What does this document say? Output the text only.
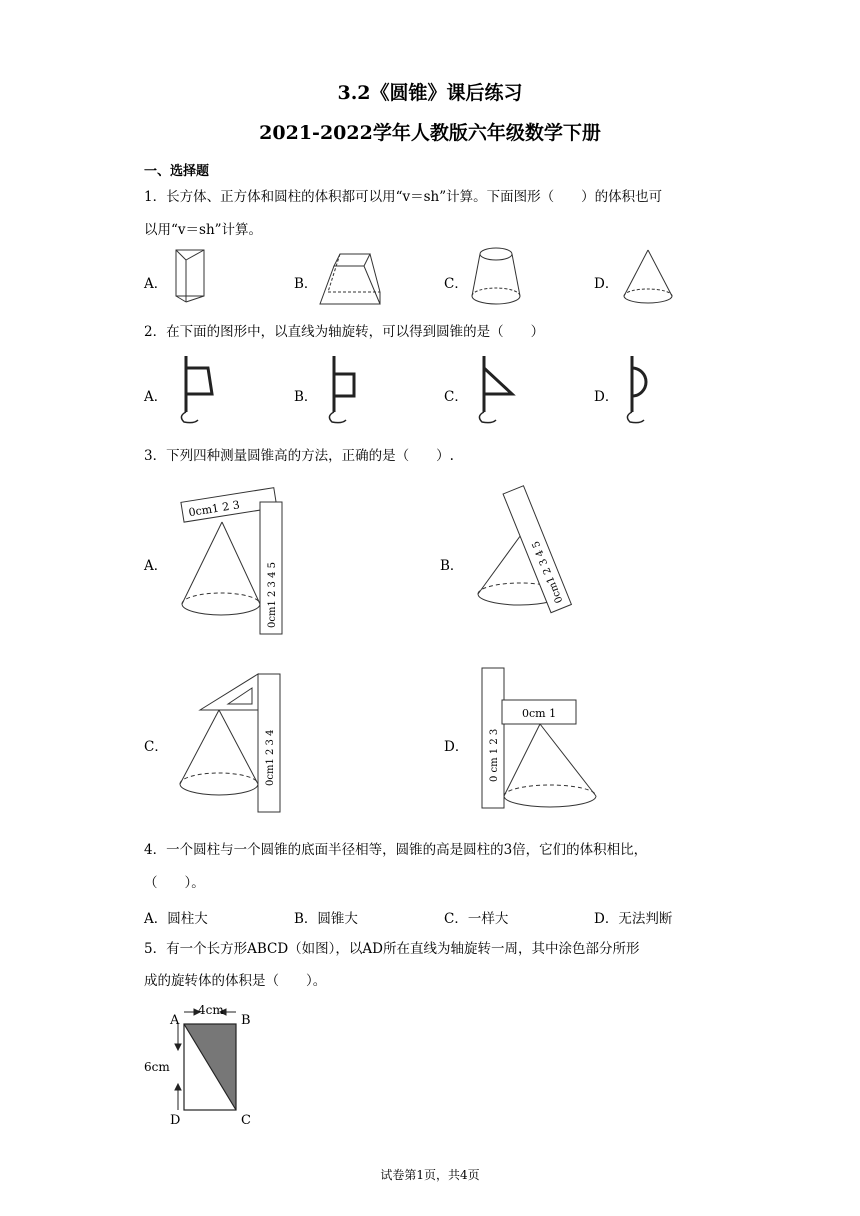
3.2《圆锥》课后练习
2021-2022学年人教版六年级数学下册
一、选择题
1．长方体、正方体和圆柱的体积都可以用“v＝sh”计算。下面图形（　　）的体积也可
以用“v＝sh”计算。
A．	B．	C．	D．
2．在下面的图形中，以直线为轴旋转，可以得到圆锥的是（　　）
A．	B．	C．	D．
3．下列四种测量圆锥高的方法，正确的是（　　）.
A．	B．
C．	D．
0cm1 2 3
0cm1 2 3 4 5	0cm1 2 3 4 5
0cm1 2 3 4	0 cm 1 2 3
0cm 1
4．一个圆柱与一个圆锥的底面半径相等，圆锥的高是圆柱的3倍，它们的体积相比，
（　　）。
A．圆柱大	B．圆锥大	C．一样大	D．无法判断
5．有一个长方形ABCD（如图），以AD所在直线为轴旋转一周，其中涂色部分所形
成的旋转体的体积是（　　）。
A	B
C
D
4cm
6cm
试卷第1页，共4页
